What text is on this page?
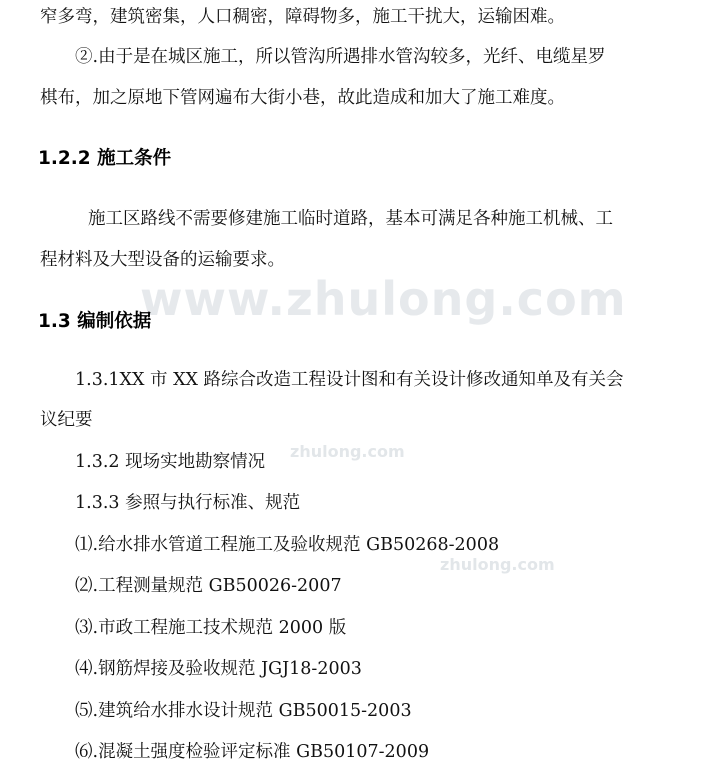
www.zhulong.com
zhulong.com
zhulong.com
窄多弯，建筑密集，人口稠密，障碍物多，施工干扰大，运输困难。
②.由于是在城区施工，所以管沟所遇排水管沟较多，光纤、电缆星罗
棋布，加之原地下管网遍布大街小巷，故此造成和加大了施工难度。
1.2.2 施工条件
施工区路线不需要修建施工临时道路，基本可满足各种施工机械、工
程材料及大型设备的运输要求。
1.3 编制依据
1.3.1XX 市 XX 路综合改造工程设计图和有关设计修改通知单及有关会
议纪要
1.3.2 现场实地勘察情况
1.3.3 参照与执行标准、规范
⑴.给水排水管道工程施工及验收规范 GB50268-2008
⑵.工程测量规范 GB50026-2007
⑶.市政工程施工技术规范 2000 版
⑷.钢筋焊接及验收规范 JGJ18-2003
⑸.建筑给水排水设计规范 GB50015-2003
⑹.混凝土强度检验评定标准 GB50107-2009
